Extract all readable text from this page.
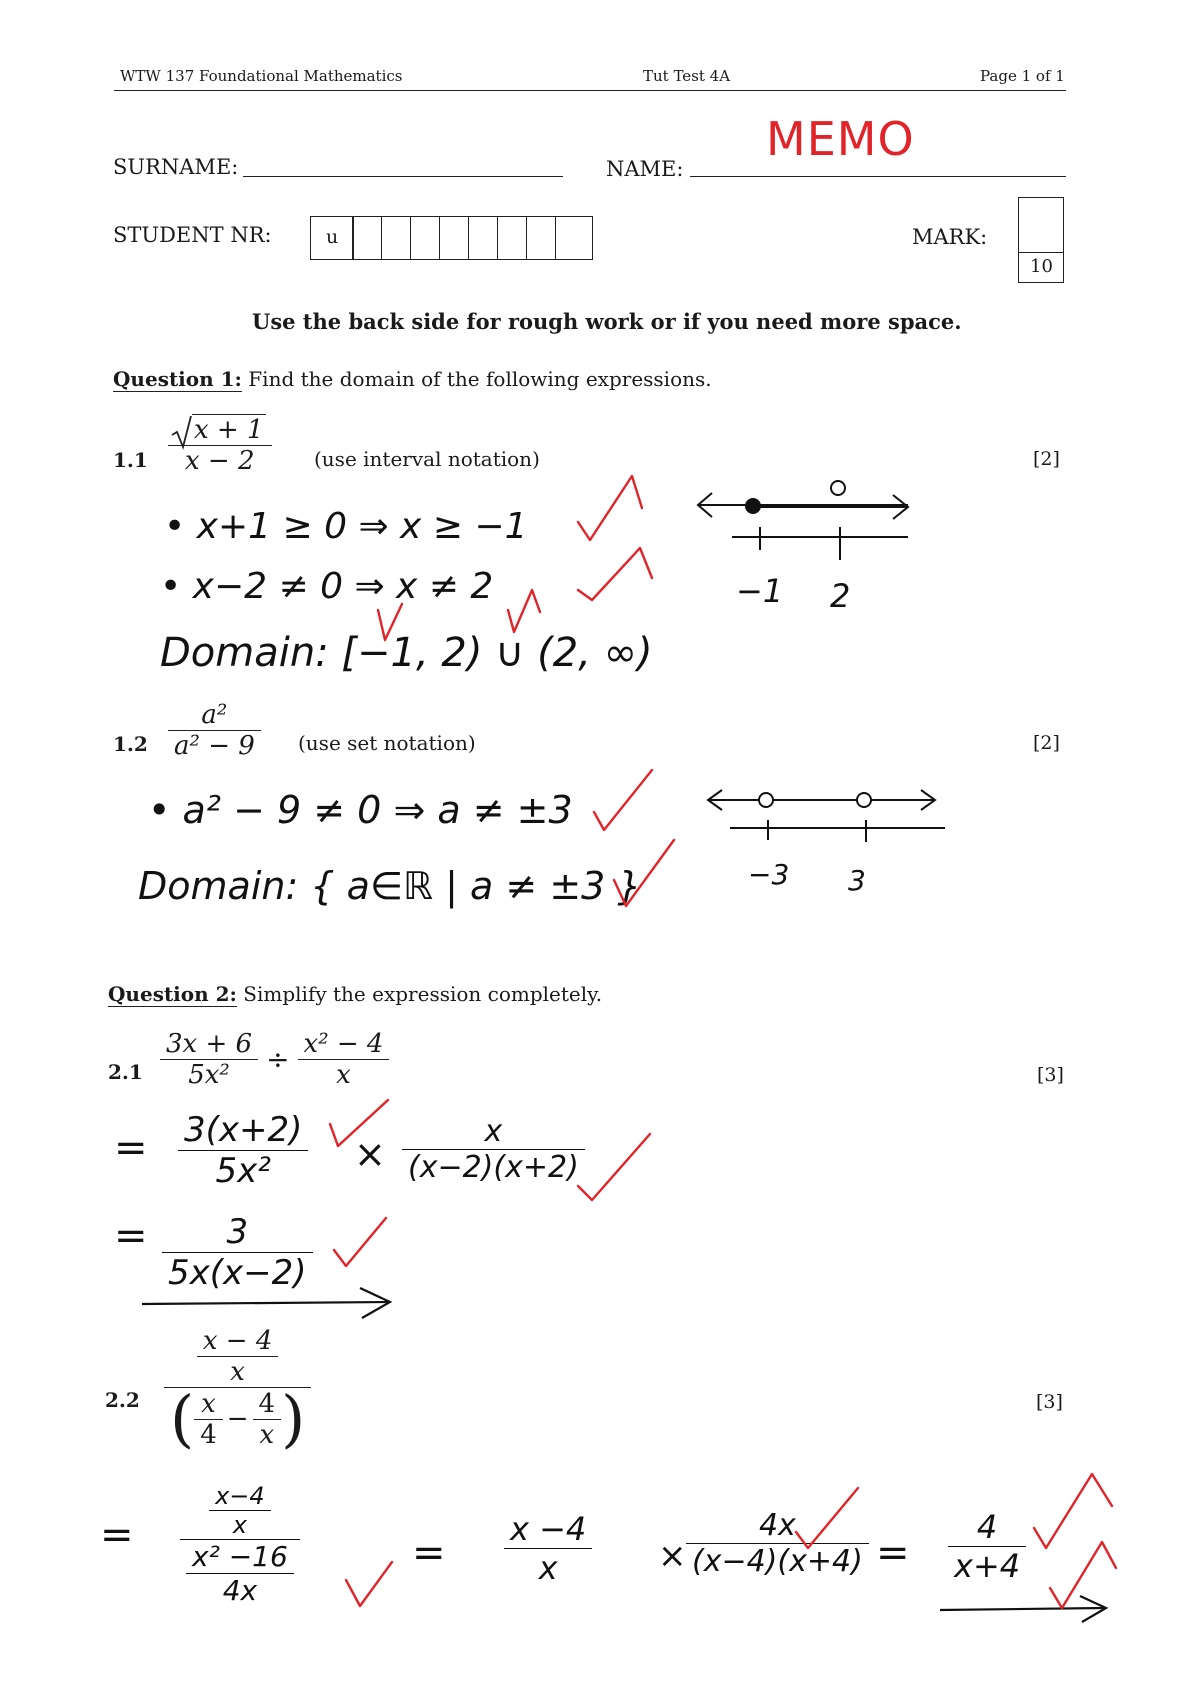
WTW 137 Foundational Mathematics	Tut Test 4A	Page 1 of 1
SURNAME:	NAME:
MEMO
STUDENT NR:	u	MARK:
10
Use the back side for rough work or if you need more space.
Question 1: Find the domain of the following expressions.
$1.1 \frac{x + 1}{x - 2} (use$ interval notation)	[2]
• x+1 ≥ 0 ⇒ x ≥ −1
• x−2 ≠ 0 ⇒ x ≠ 2
Domain: [−1, 2) ∪ (2, ∞)
−1 2
$1.2 \frac{\text{a²}}{\text{a² − 9}} (use$ set notation)	[2]
• a² − 9 ≠ 0 ⇒ a ≠ ±3
Domain: { a∈ℝ | a ≠ ±3 }	−3 3
Question 2: Simplify the expression completely.
$2.1 \frac{3x + 6}{\text{5x²}} \div \frac{\text{x² − 4}}{x}$	[3]
= $\frac{3(x+2)}{\text{5x²}} \times \frac{x}{(x-2)(x+2)}$
= $\frac{3}{5x(x-2)}$
2.2
$\frac{x - 4}{x}$
( $\frac{x}{4} - \frac{4}{x}$ )	[3]
= $\frac{\frac{x-4}{x}}{\frac{\text{x² −16}}{4x}}$	= $\frac{x -4}{x} \times \frac{4x}{(x-4)(x+4)} = \frac{4}{x+4}$
